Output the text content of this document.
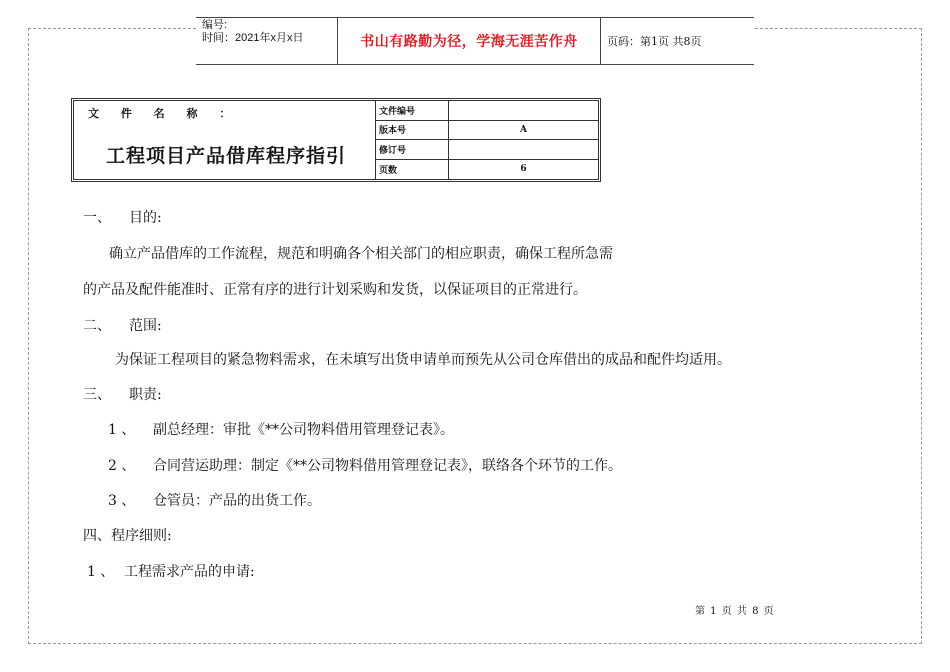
编号:
时间：2021年x月x日	书山有路勤为径，学海无涯苦作舟	页码：第1页 共8页
文 件 名 称 ：
工程项目产品借库程序指引
文件编号
版本号	A
修订号
页数	6
一、 目的:
确立产品借库的工作流程，规范和明确各个相关部门的相应职责，确保工程所急需
的产品及配件能准时、正常有序的进行计划采购和发货，以保证项目的正常进行。
二、 范围:
为保证工程项目的紧急物料需求，在未填写出货申请单而预先从公司仓库借出的成品和配件均适用。
三、 职责:
1 、 副总经理：审批《**公司物料借用管理登记表》。
2 、 合同营运助理：制定《**公司物料借用管理登记表》，联络各个环节的工作。
3 、 仓管员：产品的出货工作。
四、程序细则:
1 、 工程需求产品的申请:
第 1 页 共 8 页
